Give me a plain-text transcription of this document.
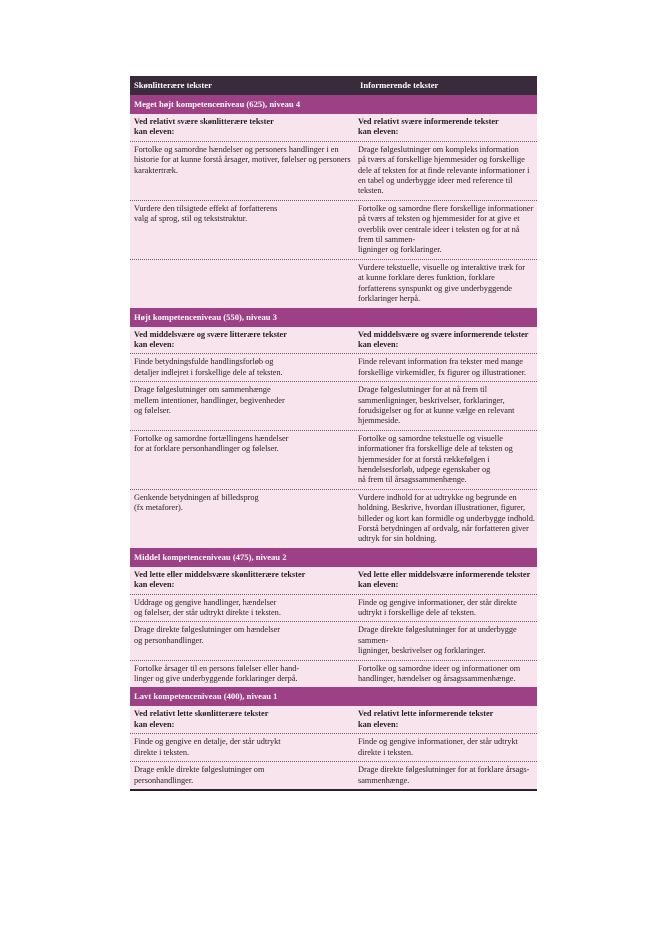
Skønlitterære tekster	Informerende tekster
Meget højt kompetenceniveau (625), niveau 4
Ved relativt svære skønlitterære tekster
kan eleven:
Ved relativt svære informerende tekster
kan eleven:
Fortolke og samordne hændelser og personers handlinger i en historie for at kunne forstå årsager, motiver, følelser og personers karaktertræk.
Drage følgeslutninger om kompleks information
på tværs af forskellige hjemmesider og forskellige dele af teksten for at finde relevante informationer i en tabel og underbygge ideer med reference til teksten.
Vurdere den tilsigtede effekt af forfatterens
valg af sprog, stil og tekststruktur.
Fortolke og samordne flere forskellige informationer
på tværs af teksten og hjemmesider for at give et overblik over centrale ideer i teksten og for at nå frem til sammen-
ligninger og forklaringer.
Vurdere tekstuelle, visuelle og interaktive træk for
at kunne forklare deres funktion, forklare forfatterens synspunkt og give underbyggende forklaringer herpå.
Højt kompetenceniveau (550), niveau 3
Ved middelsvære og svære litterære tekster
kan eleven:
Ved middelsvære og svære informerende tekster
kan eleven:
Finde betydningsfulde handlingsforløb og
detaljer indlejret i forskellige dele af teksten.
Finde relevant information fra tekster med mange forskellige virkemidler, fx figurer og illustrationer.
Drage følgeslutninger om sammenhænge
mellem intentioner, handlinger, begivenheder
og følelser.
Drage følgeslutninger for at nå frem til sammenligninger, beskrivelser, forklaringer, forudsigelser og for at kunne vælge en relevant hjemmeside.
Fortolke og samordne fortællingens hændelser
for at forklare personhandlinger og følelser.
Fortolke og samordne tekstuelle og visuelle informationer fra forskellige dele af teksten og hjemmesider for at forstå rækkefølgen i hændelsesforløb, udpege egenskaber og
nå frem til årsagssammenhænge.
Genkende betydningen af billedsprog
(fx metaforer).
Vurdere indhold for at udtrykke og begrunde en holdning. Beskrive, hvordan illustrationer, figurer, billeder og kort kan formidle og underbygge indhold. Forstå betydningen af ordvalg, når forfatteren giver udtryk for sin holdning.
Middel kompetenceniveau (475), niveau 2
Ved lette eller middelsvære skønlitterære tekster
kan eleven:
Ved lette eller middelsvære informerende tekster
kan eleven:
Uddrage og gengive handlinger, hændelser
og følelser, der står udtrykt direkte i teksten.
Finde og gengive informationer, der står direkte
udtrykt i forskellige dele af teksten.
Drage direkte følgeslutninger om hændelser
og personhandlinger.
Drage direkte følgeslutninger for at underbygge sammen-
ligninger, beskrivelser og forklaringer.
Fortolke årsager til en persons følelser eller hand-
linger og give underbyggende forklaringer derpå.
Fortolke og samordne ideer og informationer om handlinger, hændelser og årsagssammenhænge.
Lavt kompetenceniveau (400), niveau 1
Ved relativt lette skønlitterære tekster
kan eleven:
Ved relativt lette informerende tekster
kan eleven:
Finde og gengive en detalje, der står udtrykt
direkte i teksten.
Finde og gengive informationer, der står udtrykt
direkte i teksten.
Drage enkle direkte følgeslutninger om
personhandlinger.
Drage direkte følgeslutninger for at forklare årsags-
sammenhænge.
